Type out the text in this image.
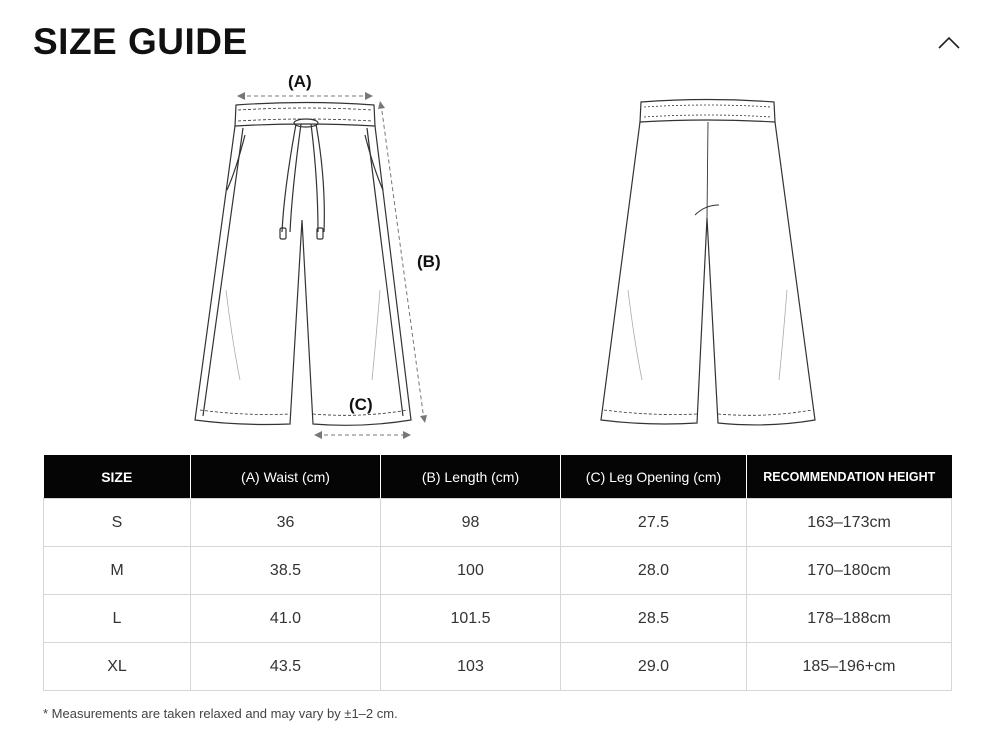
SIZE GUIDE
(A)
(B)
(C)
SIZE	(A) Waist (cm)	(B) Length (cm)	(C) Leg Opening (cm)	RECOMMENDATION HEIGHT
S	36	98	27.5	163–173cm
M	38.5	100	28.0	170–180cm
L	41.0	101.5	28.5	178–188cm
XL	43.5	103	29.0	185–196+cm

* Measurements are taken relaxed and may vary by ±1–2 cm.
